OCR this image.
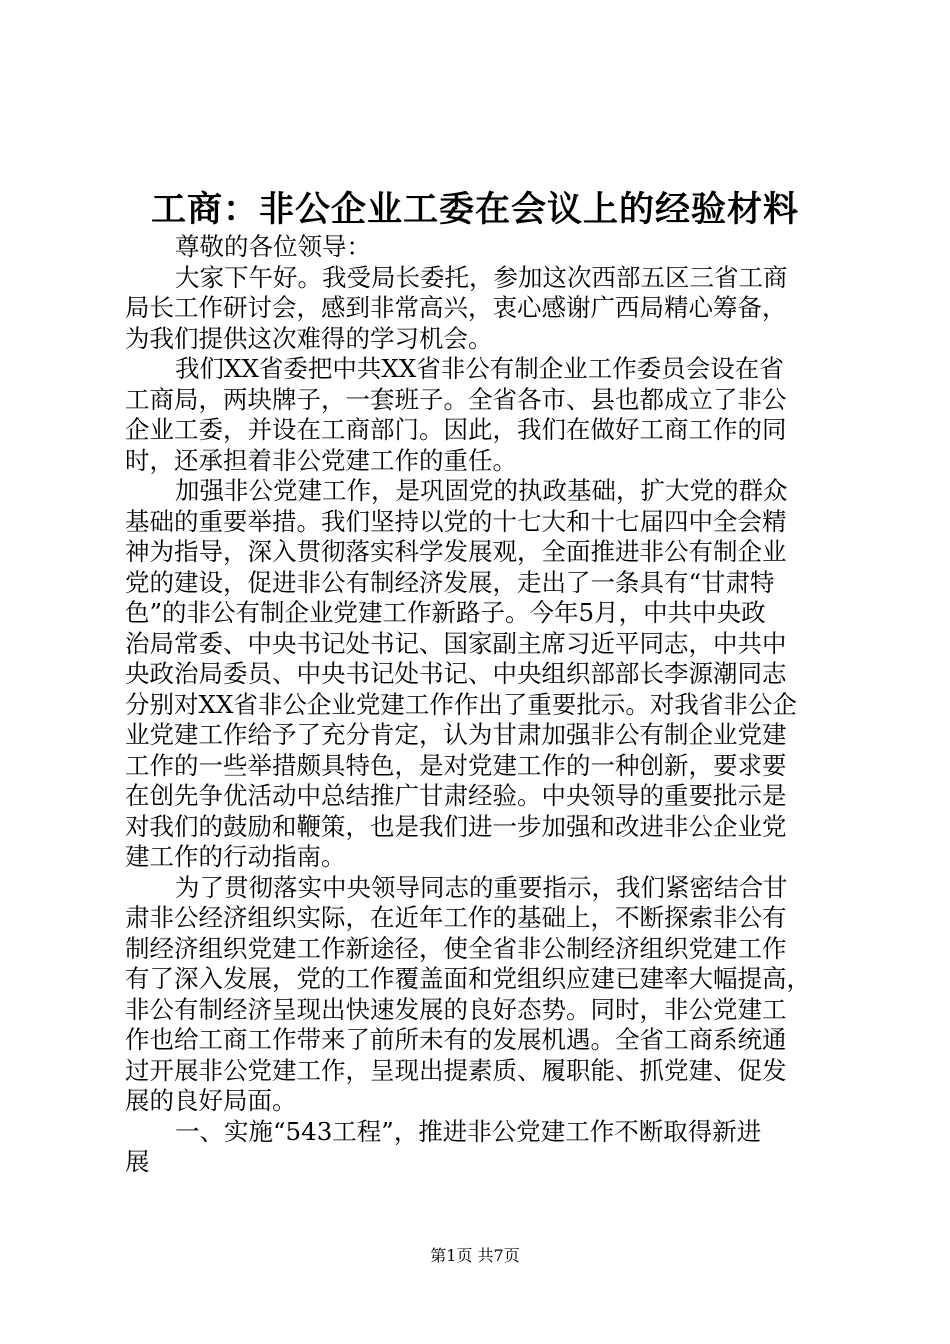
工商：非公企业工委在会议上的经验材料
尊敬的各位领导：
大家下午好。我受局长委托，参加这次西部五区三省工商
局长工作研讨会，感到非常高兴，衷心感谢广西局精心筹备，
为我们提供这次难得的学习机会。
我们XX省委把中共XX省非公有制企业工作委员会设在省
工商局，两块牌子，一套班子。全省各市、县也都成立了非公
企业工委，并设在工商部门。因此，我们在做好工商工作的同
时，还承担着非公党建工作的重任。
加强非公党建工作，是巩固党的执政基础，扩大党的群众
基础的重要举措。我们坚持以党的十七大和十七届四中全会精
神为指导，深入贯彻落实科学发展观，全面推进非公有制企业
党的建设，促进非公有制经济发展，走出了一条具有“甘肃特
色”的非公有制企业党建工作新路子。今年5月，中共中央政
治局常委、中央书记处书记、国家副主席习近平同志，中共中
央政治局委员、中央书记处书记、中央组织部部长李源潮同志
分别对XX省非公企业党建工作作出了重要批示。对我省非公企
业党建工作给予了充分肯定，认为甘肃加强非公有制企业党建
工作的一些举措颇具特色，是对党建工作的一种创新，要求要
在创先争优活动中总结推广甘肃经验。中央领导的重要批示是
对我们的鼓励和鞭策，也是我们进一步加强和改进非公企业党
建工作的行动指南。
为了贯彻落实中央领导同志的重要指示，我们紧密结合甘
肃非公经济组织实际，在近年工作的基础上，不断探索非公有
制经济组织党建工作新途径，使全省非公制经济组织党建工作
有了深入发展，党的工作覆盖面和党组织应建已建率大幅提高，
非公有制经济呈现出快速发展的良好态势。同时，非公党建工
作也给工商工作带来了前所未有的发展机遇。全省工商系统通
过开展非公党建工作，呈现出提素质、履职能、抓党建、促发
展的良好局面。
一、实施“543工程”，推进非公党建工作不断取得新进
展
第1页 共7页
